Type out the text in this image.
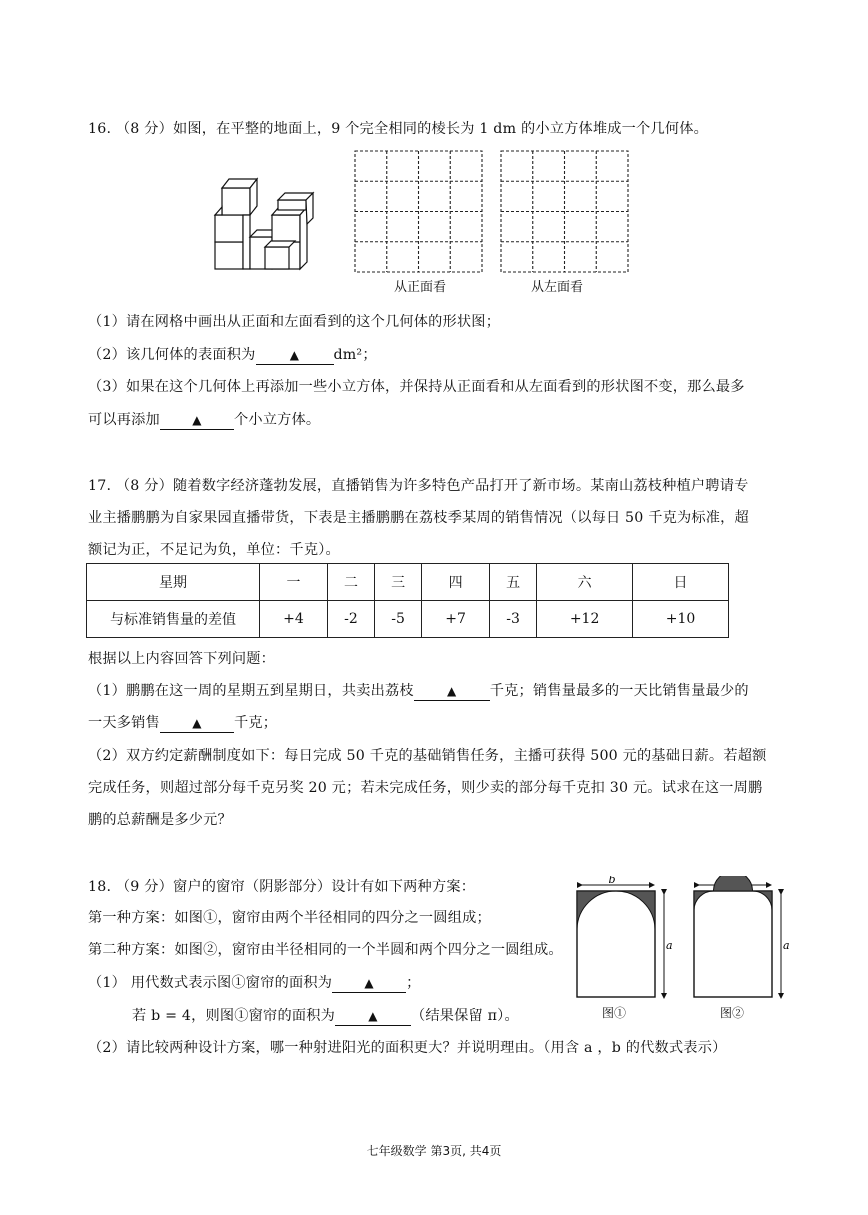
16. （8 分）如图，在平整的地面上，9 个完全相同的棱长为 1 dm 的小立方体堆成一个几何体。
从正面看	从左面看
（1）请在网格中画出从正面和左面看到的这个几何体的形状图；
（2）该几何体的表面积为	▲ dm²；
（3）如果在这个几何体上再添加一些小立方体，并保持从正面看和从左面看到的形状图不变，那么最多
可以再添加	▲ 个小立方体。
17. （8 分）随着数字经济蓬勃发展，直播销售为许多特色产品打开了新市场。某南山荔枝种植户聘请专
业主播鹏鹏为自家果园直播带货，下表是主播鹏鹏在荔枝季某周的销售情况（以每日 50 千克为标准，超
额记为正，不足记为负，单位：千克）。
星期	一	二	三	四	五	六	日
与标准销售量的差值	+4	-2	-5	+7	-3	+12	+10
根据以上内容回答下列问题：
（1）鹏鹏在这一周的星期五到星期日，共卖出荔枝	▲ 千克；销售量最多的一天比销售量最少的
一天多销售	▲ 千克；
（2）双方约定薪酬制度如下：每日完成 50 千克的基础销售任务，主播可获得 500 元的基础日薪。若超额
完成任务，则超过部分每千克另奖 20 元；若未完成任务，则少卖的部分每千克扣 30 元。试求在这一周鹏
鹏的总薪酬是多少元？
18. （9 分）窗户的窗帘（阴影部分）设计有如下两种方案：
第一种方案：如图①，窗帘由两个半径相同的四分之一圆组成；
第二种方案：如图②，窗帘由半径相同的一个半圆和两个四分之一圆组成。
（1） 用代数式表示图①窗帘的面积为	▲ ；
若 b = 4，则图①窗帘的面积为	▲ （结果保留 π）。
（2）请比较两种设计方案，哪一种射进阳光的面积更大？并说明理由。（用含 a ，b 的代数式表示）
b
a
图①
a
图②
七年级数学 第3页, 共4页
